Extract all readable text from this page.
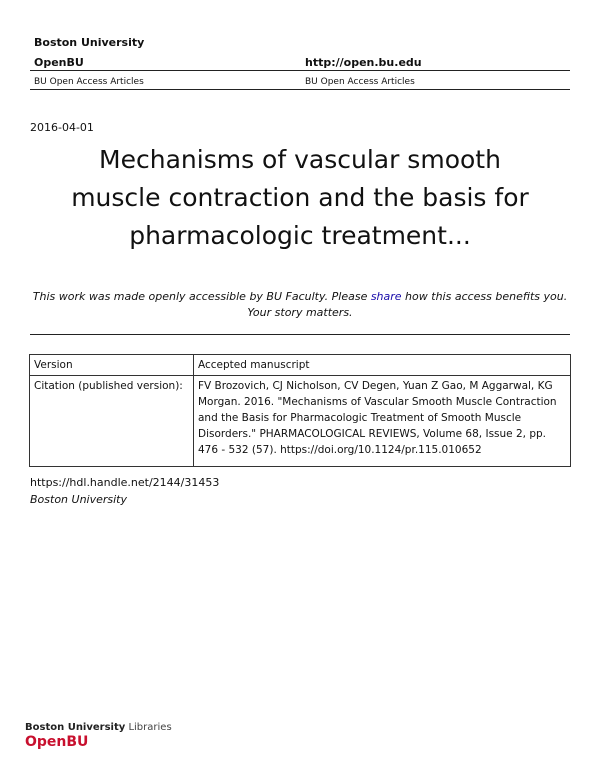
Boston University
OpenBU	http://open.bu.edu
BU Open Access Articles	BU Open Access Articles
2016-04-01
Mechanisms of vascular smooth muscle contraction and the basis for pharmacologic treatment...
This work was made openly accessible by BU Faculty. Please share how this access benefits you. Your story matters.
Version	Accepted manuscript
Citation (published version):	FV Brozovich, CJ Nicholson, CV Degen, Yuan Z Gao, M Aggarwal, KG Morgan. 2016. "Mechanisms of Vascular Smooth Muscle Contraction and the Basis for Pharmacologic Treatment of Smooth Muscle Disorders." PHARMACOLOGICAL REVIEWS, Volume 68, Issue 2, pp. 476 - 532 (57). https://doi.org/10.1124/pr.115.010652
https://hdl.handle.net/2144/31453
Boston University
Boston University Libraries
OpenBU
